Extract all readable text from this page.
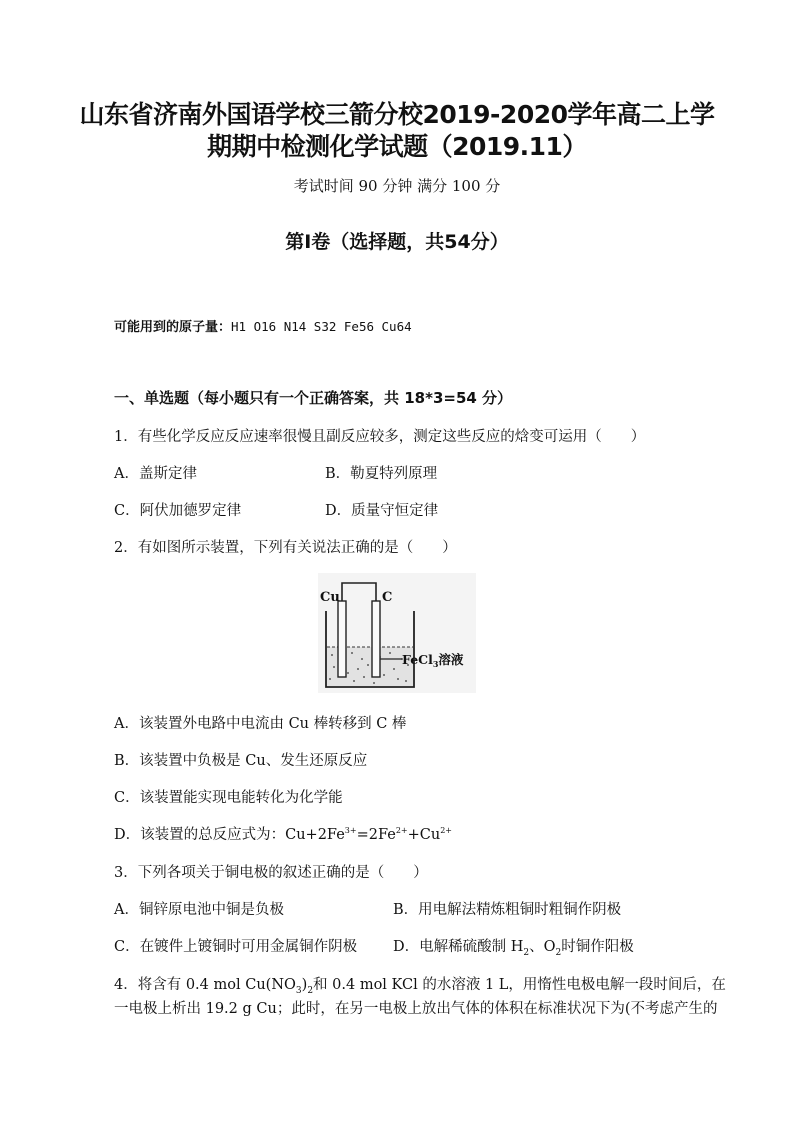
山东省济南外国语学校三箭分校2019-2020学年高二上学
期期中检测化学试题（2019.11）
考试时间 90 分钟 满分 100 分
第Ⅰ卷（选择题，共54分）
可能用到的原子量：H1 O16 N14 S32 Fe56 Cu64
一、单选题（每小题只有一个正确答案，共 18*3=54 分）
1．有些化学反应反应速率很慢且副反应较多，测定这些反应的焓变可运用（　　）
A．盖斯定律	B．勒夏特列原理
C．阿伏加德罗定律	D．质量守恒定律
2．有如图所示装置，下列有关说法正确的是（　　）
Cu	C
FeCl$_3$溶液
A．该装置外电路中电流由 Cu 棒转移到 C 棒
B．该装置中负极是 Cu、发生还原反应
C．该装置能实现电能转化为化学能
D．该装置的总反应式为：$Cu+2Fe^{3+}=2Fe^{2+}+Cu^{2+}$
3．下列各项关于铜电极的叙述正确的是（　　）
A．铜锌原电池中铜是负极	B．用电解法精炼粗铜时粗铜作阴极
C．在镀件上镀铜时可用金属铜作阴极 D．电解稀硫酸制 $H_2$、$O_2$时铜作阳极
4．将含有 0.4 mol $Cu(NO_3)_2$和 0.4 mol KCl 的水溶液 1 L，用惰性电极电解一段时间后，在
一电极上析出 19.2 g Cu；此时，在另一电极上放出气体的体积在标准状况下为(不考虑产生的
